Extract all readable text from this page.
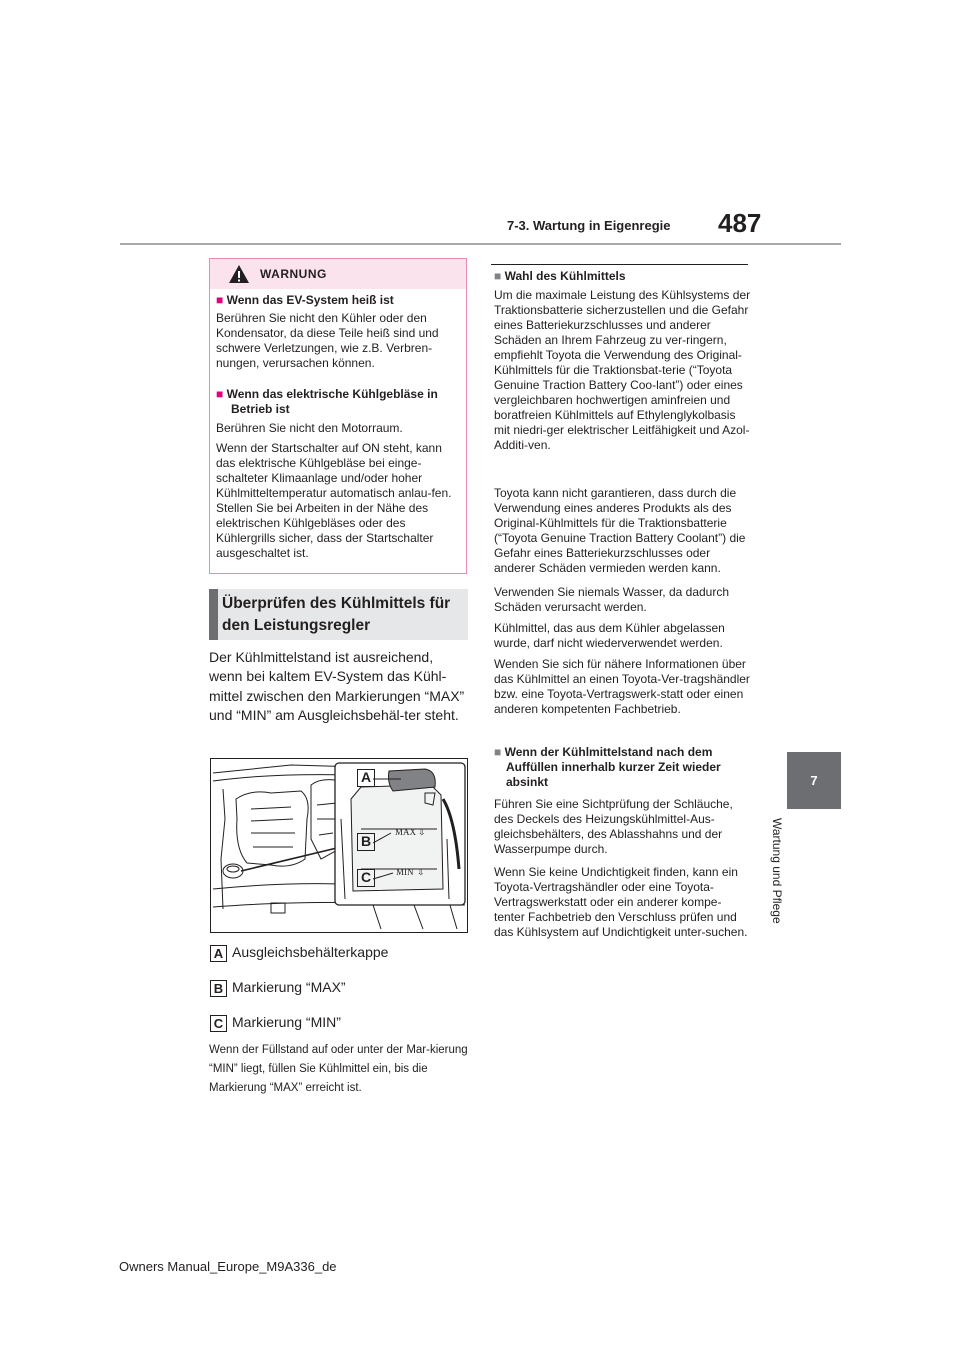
7-3. Wartung in Eigenregie 487
7
Wartung und Pflege
WARNUNG
■ Wenn das EV-System heiß ist
Berühren Sie nicht den Kühler oder den Kondensator, da diese Teile heiß sind und schwere Verletzungen, wie z.B. Verbren-nungen, verursachen können.
■ Wenn das elektrische Kühlgebläse in Betrieb ist
Berühren Sie nicht den Motorraum.
Wenn der Startschalter auf ON steht, kann das elektrische Kühlgebläse bei einge-schalteter Klimaanlage und/oder hoher Kühlmitteltemperatur automatisch anlau-fen. Stellen Sie bei Arbeiten in der Nähe des elektrischen Kühlgebläses oder des Kühlergrills sicher, dass der Startschalter ausgeschaltet ist.
Überprüfen des Kühlmittels für den Leistungsregler
Der Kühlmittelstand ist ausreichend, wenn bei kaltem EV-System das Kühl-mittel zwischen den Markierungen “MAX” und “MIN” am Ausgleichsbehäl-ter steht.
MAX ⇩
MIN ⇩
A
B
C
A Ausgleichsbehälterkappe
B Markierung “MAX”
C Markierung “MIN”
Wenn der Füllstand auf oder unter der Mar-kierung “MIN” liegt, füllen Sie Kühlmittel ein, bis die Markierung “MAX” erreicht ist.
■ Wahl des Kühlmittels
Um die maximale Leistung des Kühlsystems der Traktionsbatterie sicherzustellen und die Gefahr eines Batteriekurzschlusses und anderer Schäden an Ihrem Fahrzeug zu ver-ringern, empfiehlt Toyota die Verwendung des Original-Kühlmittels für die Traktionsbat-terie (“Toyota Genuine Traction Battery Coo-lant”) oder eines vergleichbaren hochwertigen aminfreien und boratfreien Kühlmittels auf Ethylenglykolbasis mit niedri-ger elektrischer Leitfähigkeit und Azol-Additi-ven.
Toyota kann nicht garantieren, dass durch die Verwendung eines anderes Produkts als des Original-Kühlmittels für die Traktionsbatterie (“Toyota Genuine Traction Battery Coolant”) die Gefahr eines Batteriekurzschlusses oder anderer Schäden vermieden werden kann.
Verwenden Sie niemals Wasser, da dadurch Schäden verursacht werden.
Kühlmittel, das aus dem Kühler abgelassen wurde, darf nicht wiederverwendet werden.
Wenden Sie sich für nähere Informationen über das Kühlmittel an einen Toyota-Ver-tragshändler bzw. eine Toyota-Vertragswerk-statt oder einen anderen kompetenten Fachbetrieb.
■ Wenn der Kühlmittelstand nach dem Auffüllen innerhalb kurzer Zeit wieder absinkt
Führen Sie eine Sichtprüfung der Schläuche, des Deckels des Heizungskühlmittel-Aus-gleichsbehälters, des Ablasshahns und der Wasserpumpe durch.
Wenn Sie keine Undichtigkeit finden, kann ein Toyota-Vertragshändler oder eine Toyota-Vertragswerkstatt oder ein anderer kompe-tenter Fachbetrieb den Verschluss prüfen und das Kühlsystem auf Undichtigkeit unter-suchen.
Owners Manual_Europe_M9A336_de
